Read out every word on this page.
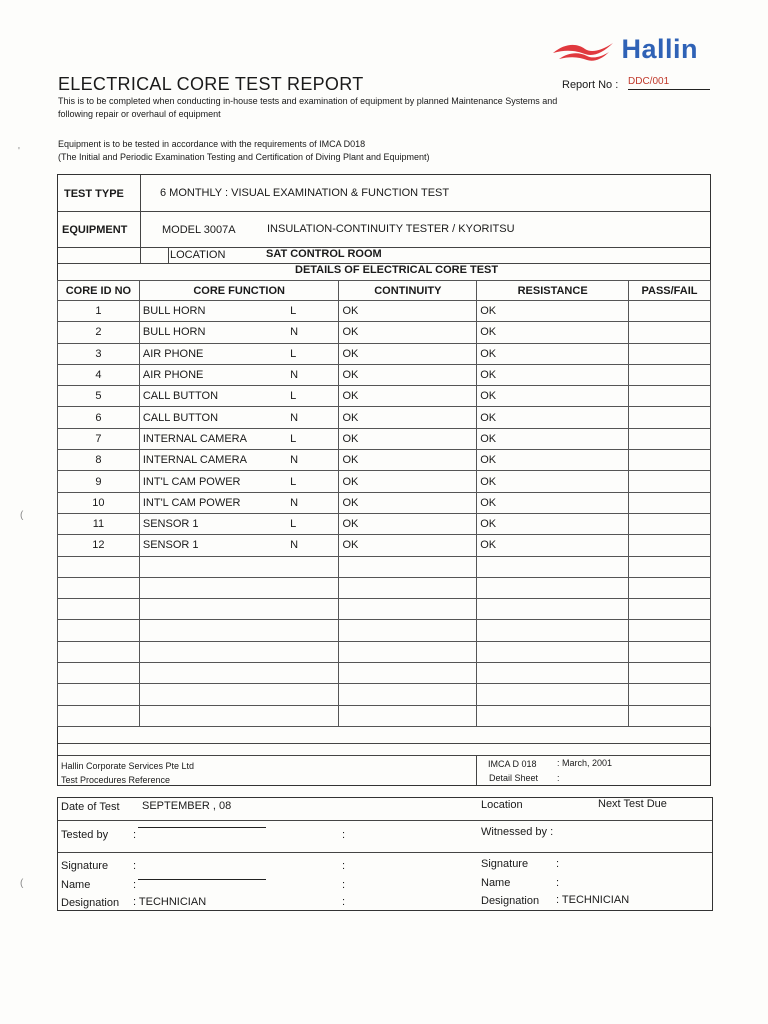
Hallin
ELECTRICAL CORE TEST REPORT	Report No : DDC/001
This is to be completed when conducting in-house tests and examination of equipment by planned Maintenance Systems and
following repair or overhaul of equipment
Equipment is to be tested in accordance with the requirements of IMCA D018
(The Initial and Periodic Examination Testing and Certification of Diving Plant and Equipment)
'
(
(
TEST TYPE	6 MONTHLY : VISUAL EXAMINATION & FUNCTION TEST
EQUIPMENT	MODEL 3007A	INSULATION-CONTINUITY TESTER / KYORITSU
LOCATION	SAT CONTROL ROOM
DETAILS OF ELECTRICAL CORE TEST
CORE ID NO	CORE FUNCTION		CONTINUITY	RESISTANCE	PASS/FAIL
1	BULL HORN	L	OK	OK	
2	BULL HORN	N	OK	OK	
3	AIR PHONE	L	OK	OK	
4	AIR PHONE	N	OK	OK	
5	CALL BUTTON	L	OK	OK	
6	CALL BUTTON	N	OK	OK	
7	INTERNAL CAMERA	L	OK	OK	
8	INTERNAL CAMERA	N	OK	OK	
9	INT'L CAM POWER	L	OK	OK	
10	INT'L CAM POWER	N	OK	OK	
11	SENSOR 1	L	OK	OK	
12	SENSOR 1	N	OK	OK	

Hallin Corporate Services Pte Ltd
Test Procedures Reference
IMCA D 018 : March, 2001
Detail Sheet :
Date of Test SEPTEMBER , 08	Location	Next Test Due
Tested by :	:	Witnessed by :
Signature :	:	Signature	:
Name	:	:	Name	:
Designation : TECHNICIAN	:	Designation : TECHNICIAN
